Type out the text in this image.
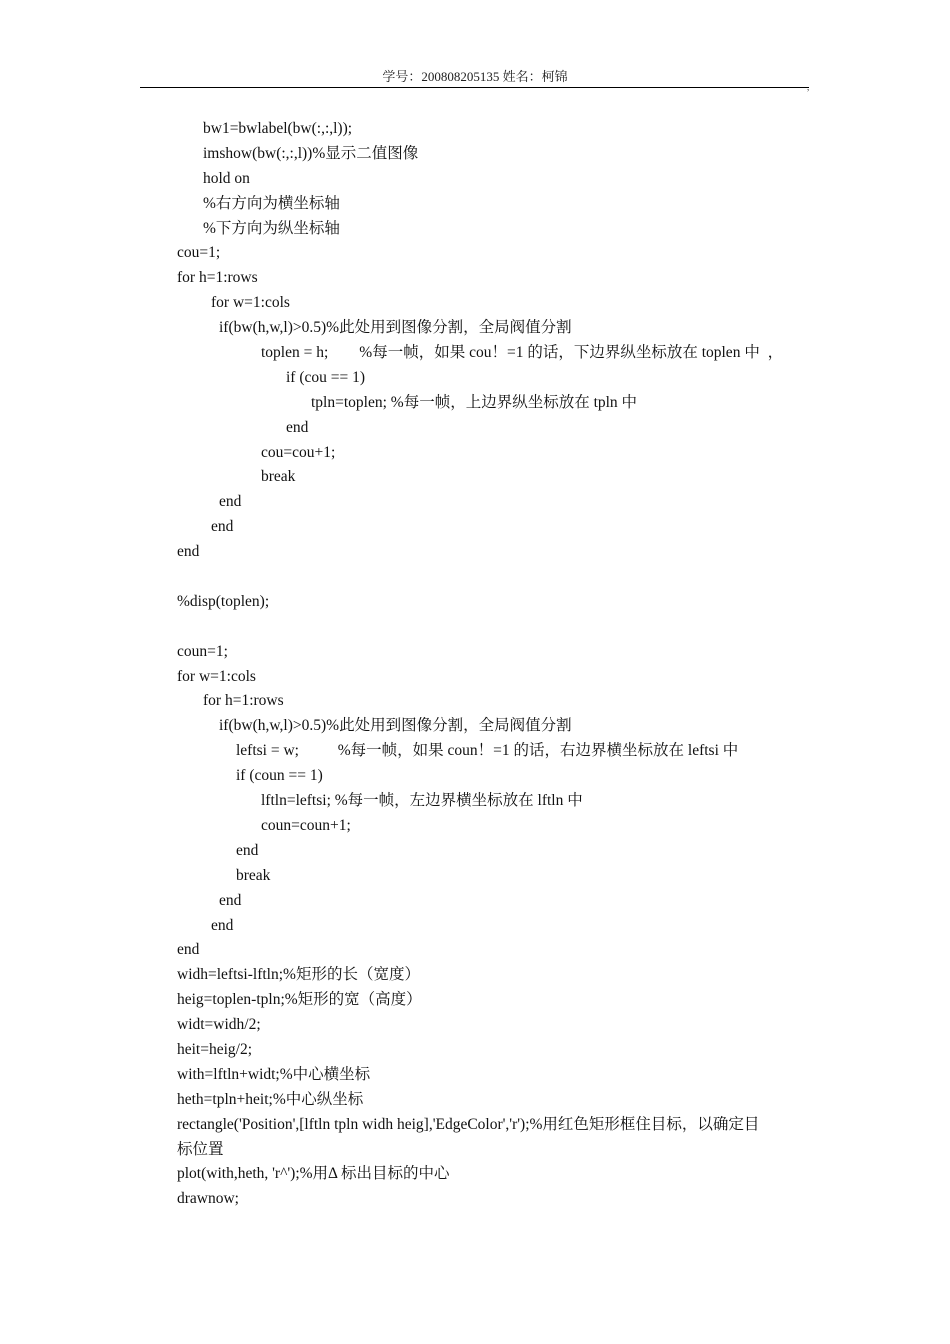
学号：200808205135 姓名：柯锦
,
bw1=bwlabel(bw(:,:,l));
imshow(bw(:,:,l))%显示二值图像
hold on
%右方向为横坐标轴
%下方向为纵坐标轴
cou=1;
for h=1:rows
for w=1:cols
if(bw(h,w,l)>0.5)%此处用到图像分割，全局阀值分割
toplen = h;        %每一帧，如果 cou！=1 的话，下边界纵坐标放在 toplen 中  ，
if (cou == 1)
tpln=toplen; %每一帧，上边界纵坐标放在 tpln 中
end
cou=cou+1;
break
end
end
end
%disp(toplen);
coun=1;
for w=1:cols
for h=1:rows
if(bw(h,w,l)>0.5)%此处用到图像分割，全局阀值分割
leftsi = w;          %每一帧，如果 coun！=1 的话，右边界横坐标放在 leftsi 中
if (coun == 1)
lftln=leftsi; %每一帧，左边界横坐标放在 lftln 中
coun=coun+1;
end
break
end
end
end
widh=leftsi-lftln;%矩形的长（宽度）
heig=toplen-tpln;%矩形的宽（高度）
widt=widh/2;
heit=heig/2;
with=lftln+widt;%中心横坐标
heth=tpln+heit;%中心纵坐标
rectangle('Position',[lftln tpln widh heig],'EdgeColor','r');%用红色矩形框住目标，以确定目
标位置
plot(with,heth, 'r^');%用Δ 标出目标的中心
drawnow;
